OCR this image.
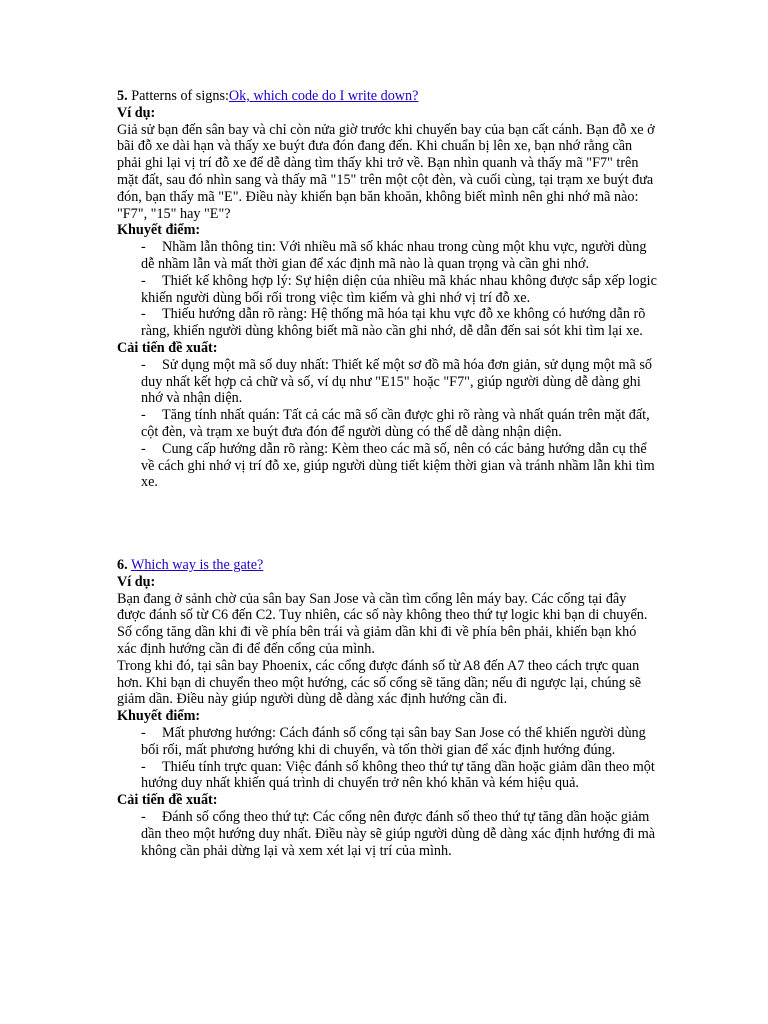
5. Patterns of signs:Ok, which code do I write down?

Ví dụ:

Giả sử bạn đến sân bay và chỉ còn nửa giờ trước khi chuyến bay của bạn cất cánh. Bạn đỗ xe ở bãi đỗ xe dài hạn và thấy xe buýt đưa đón đang đến. Khi chuẩn bị lên xe, bạn nhớ rằng cần phải ghi lại vị trí đỗ xe để dễ dàng tìm thấy khi trở về. Bạn nhìn quanh và thấy mã "F7" trên mặt đất, sau đó nhìn sang và thấy mã "15" trên một cột đèn, và cuối cùng, tại trạm xe buýt đưa đón, bạn thấy mã "E". Điều này khiến bạn băn khoăn, không biết mình nên ghi nhớ mã nào: "F7", "15" hay "E"?

Khuyết điểm:

-	Nhầm lẫn thông tin: Với nhiều mã số khác nhau trong cùng một khu vực, người dùng dễ nhầm lẫn và mất thời gian để xác định mã nào là quan trọng và cần ghi nhớ.
-	Thiết kế không hợp lý: Sự hiện diện của nhiều mã khác nhau không được sắp xếp logic khiến người dùng bối rối trong việc tìm kiếm và ghi nhớ vị trí đỗ xe.
-	Thiếu hướng dẫn rõ ràng: Hệ thống mã hóa tại khu vực đỗ xe không có hướng dẫn rõ ràng, khiến người dùng không biết mã nào cần ghi nhớ, dễ dẫn đến sai sót khi tìm lại xe.

Cải tiến đề xuất:

-	Sử dụng một mã số duy nhất: Thiết kế một sơ đồ mã hóa đơn giản, sử dụng một mã số duy nhất kết hợp cả chữ và số, ví dụ như "E15" hoặc "F7", giúp người dùng dễ dàng ghi nhớ và nhận diện.
-	Tăng tính nhất quán: Tất cả các mã số cần được ghi rõ ràng và nhất quán trên mặt đất, cột đèn, và trạm xe buýt đưa đón để người dùng có thể dễ dàng nhận diện.
-	Cung cấp hướng dẫn rõ ràng: Kèm theo các mã số, nên có các bảng hướng dẫn cụ thể về cách ghi nhớ vị trí đỗ xe, giúp người dùng tiết kiệm thời gian và tránh nhầm lẫn khi tìm xe.

6. Which way is the gate?

Ví dụ:

Bạn đang ở sảnh chờ của sân bay San Jose và cần tìm cổng lên máy bay. Các cổng tại đây được đánh số từ C6 đến C2. Tuy nhiên, các số này không theo thứ tự logic khi bạn di chuyển. Số cổng tăng dần khi đi về phía bên trái và giảm dần khi đi về phía bên phải, khiến bạn khó xác định hướng cần đi để đến cổng của mình.

Trong khi đó, tại sân bay Phoenix, các cổng được đánh số từ A8 đến A7 theo cách trực quan hơn. Khi bạn di chuyển theo một hướng, các số cổng sẽ tăng dần; nếu đi ngược lại, chúng sẽ giảm dần. Điều này giúp người dùng dễ dàng xác định hướng cần đi.

Khuyết điểm:

-	Mất phương hướng: Cách đánh số cổng tại sân bay San Jose có thể khiến người dùng bối rối, mất phương hướng khi di chuyển, và tốn thời gian để xác định hướng đúng.
-	Thiếu tính trực quan: Việc đánh số không theo thứ tự tăng dần hoặc giảm dần theo một hướng duy nhất khiến quá trình di chuyển trở nên khó khăn và kém hiệu quả.

Cải tiến đề xuất:

-	Đánh số cổng theo thứ tự: Các cổng nên được đánh số theo thứ tự tăng dần hoặc giảm dần theo một hướng duy nhất. Điều này sẽ giúp người dùng dễ dàng xác định hướng đi mà không cần phải dừng lại và xem xét lại vị trí của mình.
